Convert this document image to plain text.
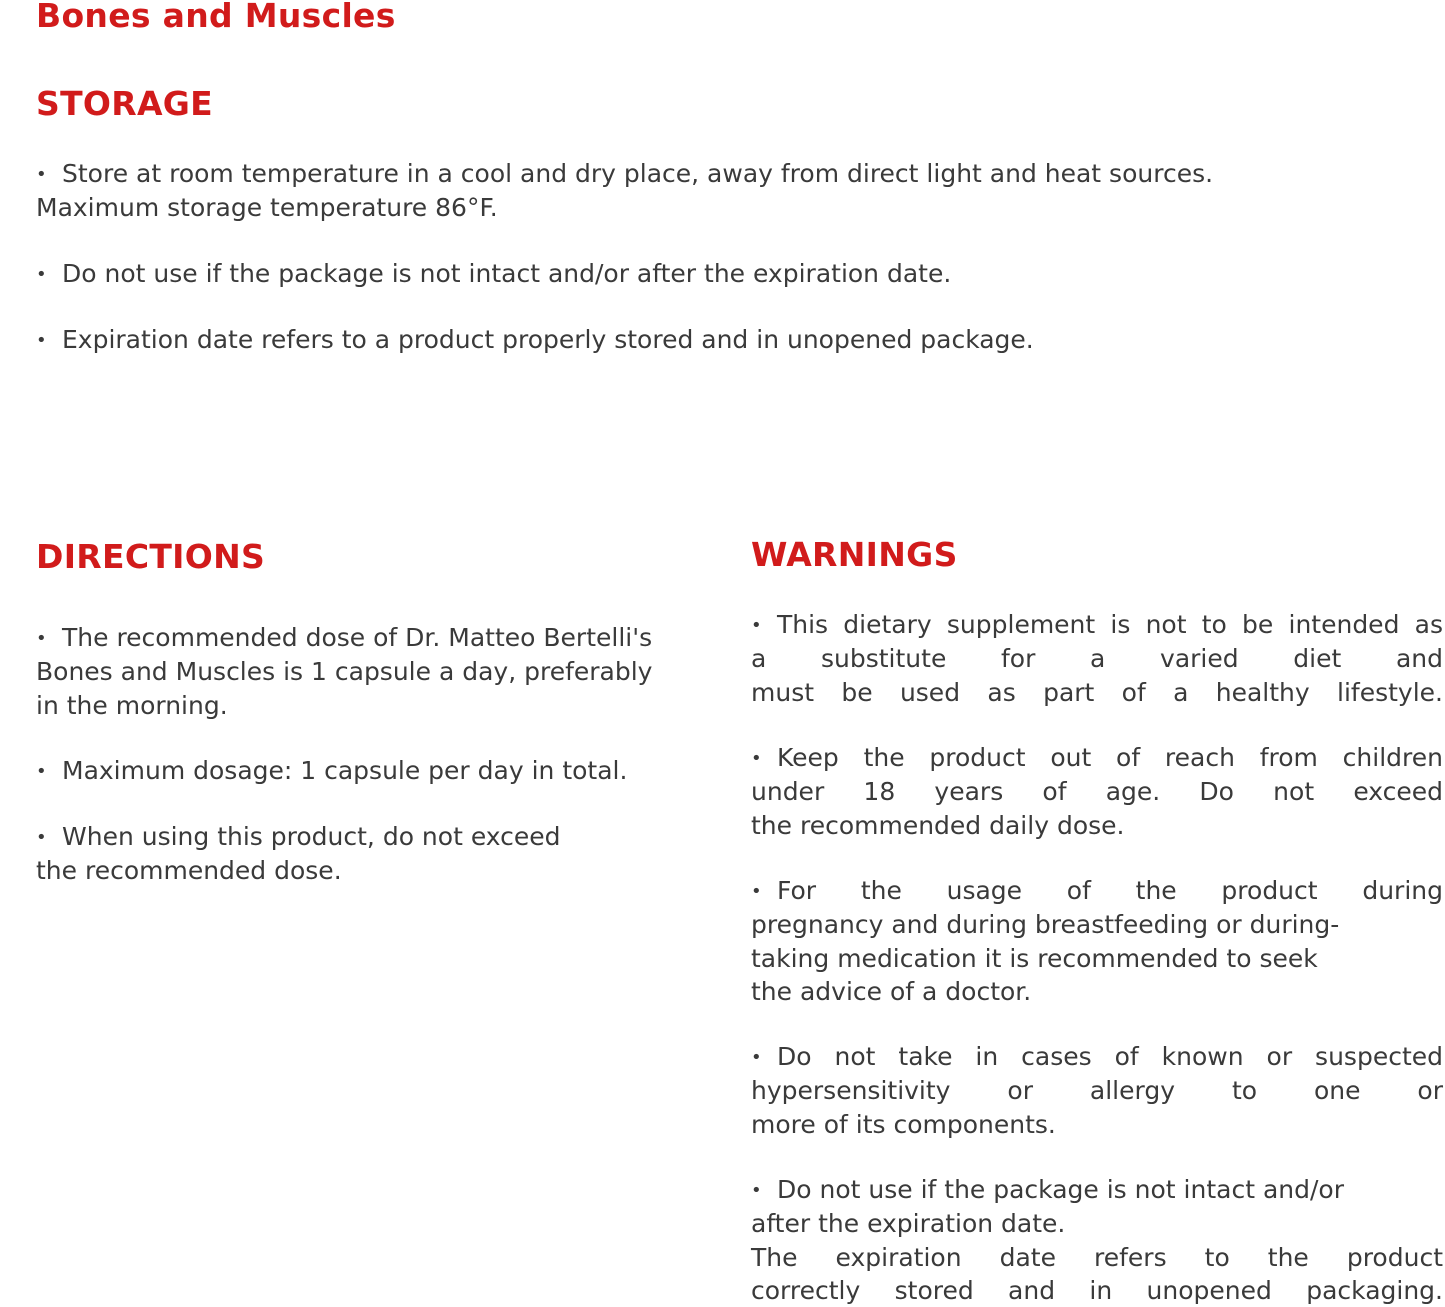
Bones and Muscles
STORAGE

• Store at room temperature in a cool and dry place, away from direct light and heat sources.
Maximum storage temperature 86°F.

• Do not use if the package is not intact and/or after the expiration date.

• Expiration date refers to a product properly stored and in unopened package.

DIRECTIONS

• The recommended dose of Dr. Matteo Bertelli's
Bones and Muscles is 1 capsule a day, preferably
in the morning.

• Maximum dosage: 1 capsule per day in total.

• When using this product, do not exceed
the recommended dose.

WARNINGS

• This dietary supplement is not to be intended as
a substitute for a varied diet and
must be used as part of a healthy lifestyle.

• Keep the product out of reach from children
under 18 years of age. Do not exceed
the recommended daily dose.

• For the usage of the product during
pregnancy and during breastfeeding or during-
taking medication it is recommended to seek
the advice of a doctor.

• Do not take in cases of known or suspected
hypersensitivity or allergy to one or
more of its components.

• Do not use if the package is not intact and/or
after the expiration date.
The expiration date refers to the product
correctly stored and in unopened packaging.
